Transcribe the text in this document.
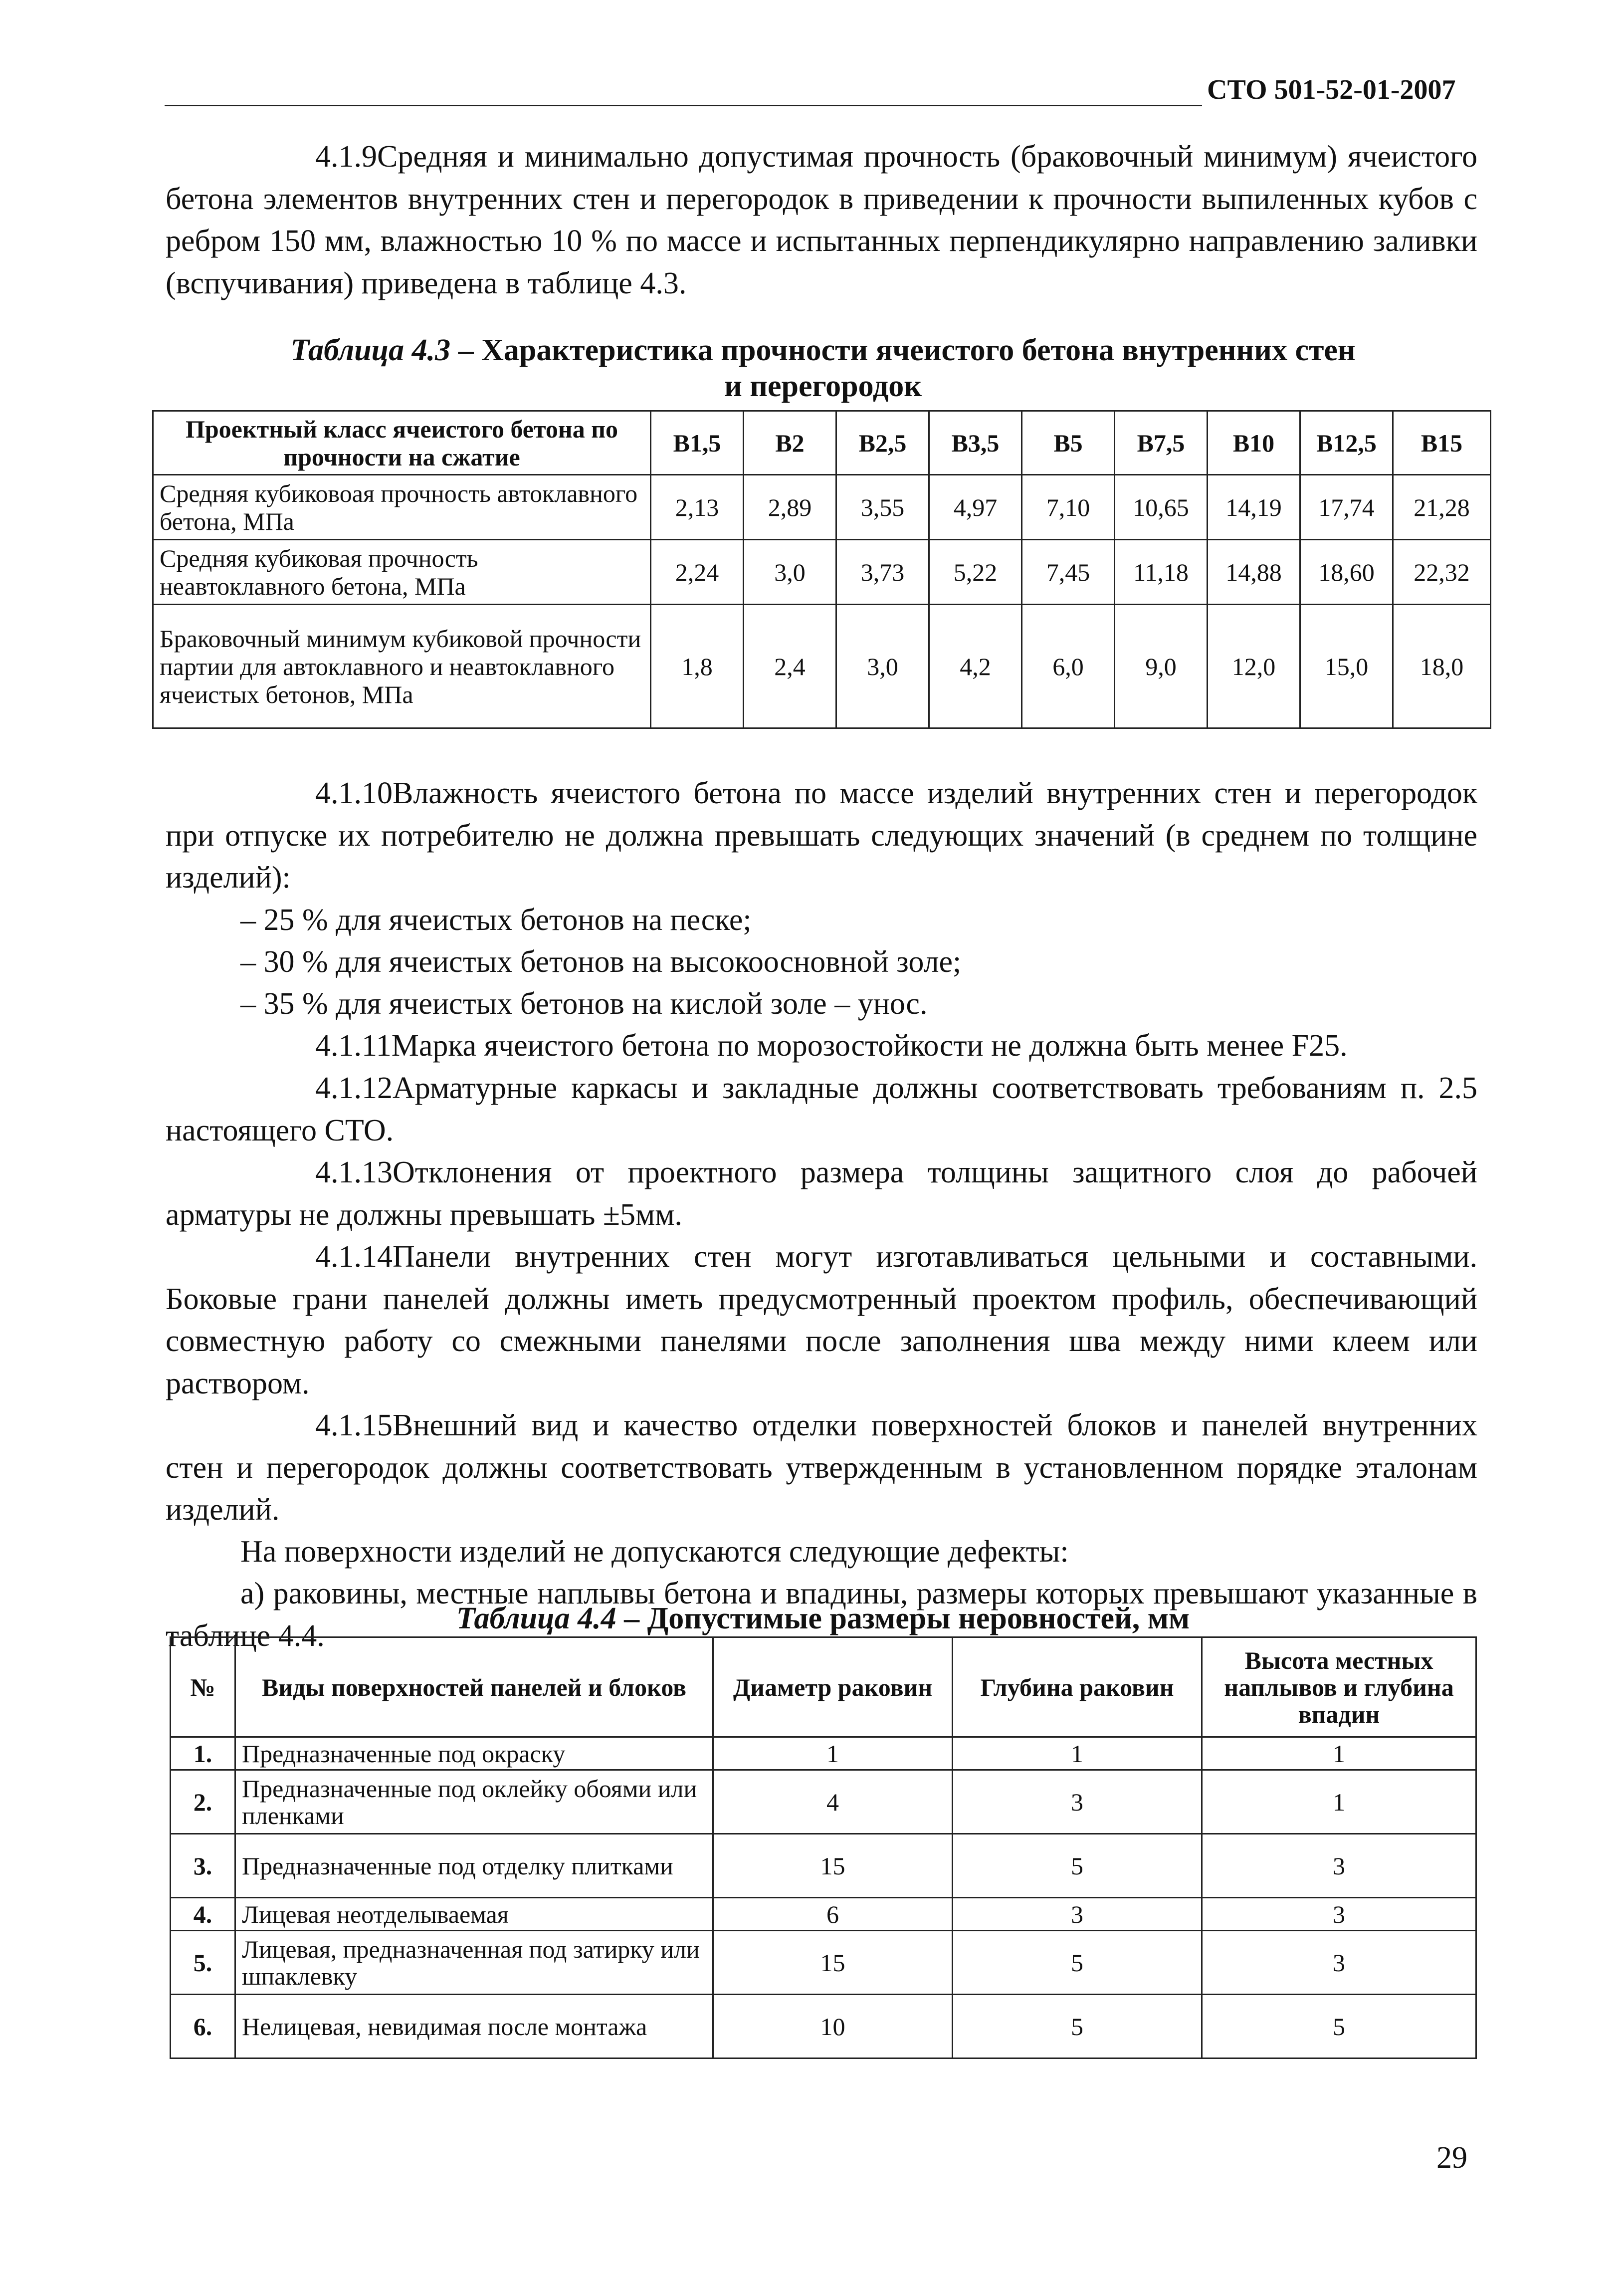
СТО 501-52-01-2007

4.1.9Средняя и минимально допустимая прочность (браковочный минимум) ячеистого бетона элементов внутренних стен и перегородок в приведении к прочности выпиленных кубов с ребром 150 мм, влажностью 10 % по массе и испытанных перпендикулярно направлению заливки (вспучивания) приведена в таблице 4.3.

Таблица 4.3 – Характеристика прочности ячеистого бетона внутренних стен и перегородок
Проектный класс ячеистого бетона по прочности на сжатие	В1,5	В2	В2,5	В3,5	В5	В7,5	В10	В12,5	В15
Средняя кубиковоая прочность автоклавного бетона, МПа	2,13	2,89	3,55	4,97	7,10	10,65	14,19	17,74	21,28
Средняя кубиковая прочность неавтоклавного бетона, МПа	2,24	3,0	3,73	5,22	7,45	11,18	14,88	18,60	22,32
Браковочный минимум кубиковой прочности партии для автоклавного и неавтоклавного ячеистых бетонов, МПа	1,8	2,4	3,0	4,2	6,0	9,0	12,0	15,0	18,0

4.1.10Влажность ячеистого бетона по массе изделий внутренних стен и перегородок при отпуске их потребителю не должна превышать следующих значений (в среднем по толщине изделий):

– 25 % для ячеистых бетонов на песке;

– 30 % для ячеистых бетонов на высокоосновной золе;

– 35 % для ячеистых бетонов на кислой золе – унос.

4.1.11Марка ячеистого бетона по морозостойкости не должна быть менее F25.

4.1.12Арматурные каркасы и закладные должны соответствовать требованиям п. 2.5 настоящего СТО.

4.1.13Отклонения от проектного размера толщины защитного слоя до рабочей арматуры не должны превышать ±5мм.

4.1.14Панели внутренних стен могут изготавливаться цельными и составными. Боковые грани панелей должны иметь предусмотренный проектом профиль, обеспечивающий совместную работу со смежными панелями после заполнения шва между ними клеем или раствором.

4.1.15Внешний вид и качество отделки поверхностей блоков и панелей внутренних стен и перегородок должны соответствовать утвержденным в установленном порядке эталонам изделий.

На поверхности изделий не допускаются следующие дефекты:

а) раковины, местные наплывы бетона и впадины, размеры которых превышают указанные в таблице 4.4.

Таблица 4.4 – Допустимые размеры неровностей, мм
№	Виды поверхностей панелей и блоков	Диаметр раковин	Глубина раковин	Высота местных наплывов и глубина впадин
1.	Предназначенные под окраску	1	1	1
2.	Предназначенные под оклейку обоями или пленками	4	3	1
3.	Предназначенные под отделку плитками	15	5	3
4.	Лицевая неотделываемая	6	3	3
5.	Лицевая, предназначенная под затирку или шпаклевку	15	5	3
6.	Нелицевая, невидимая после монтажа	10	5	5
29
